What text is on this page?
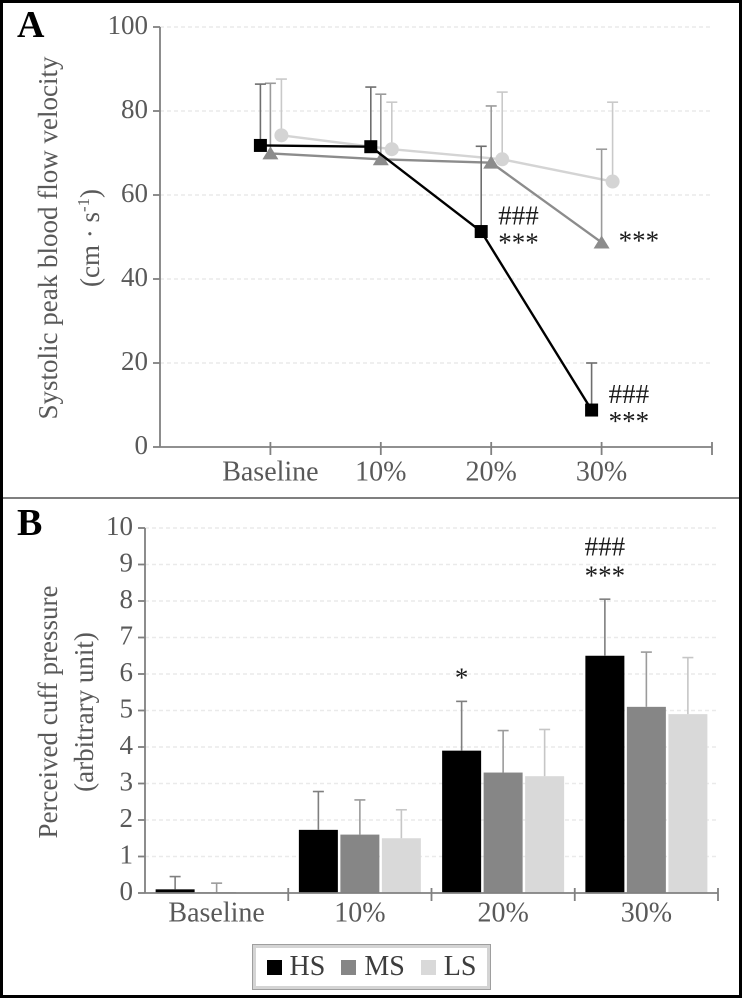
0
20
40
60
80
100
Baseline 10% 20% 30%
###
***
###
***
***
0
1
2
3
4
5
6
7
8
9
10
Baseline 10%	20%	30%
*
###
***
A
B
Systolic peak blood flow velocity $(cm \cdot s^{-1})$
Perceived cuff pressure (arbitrary unit)
HS MS LS
